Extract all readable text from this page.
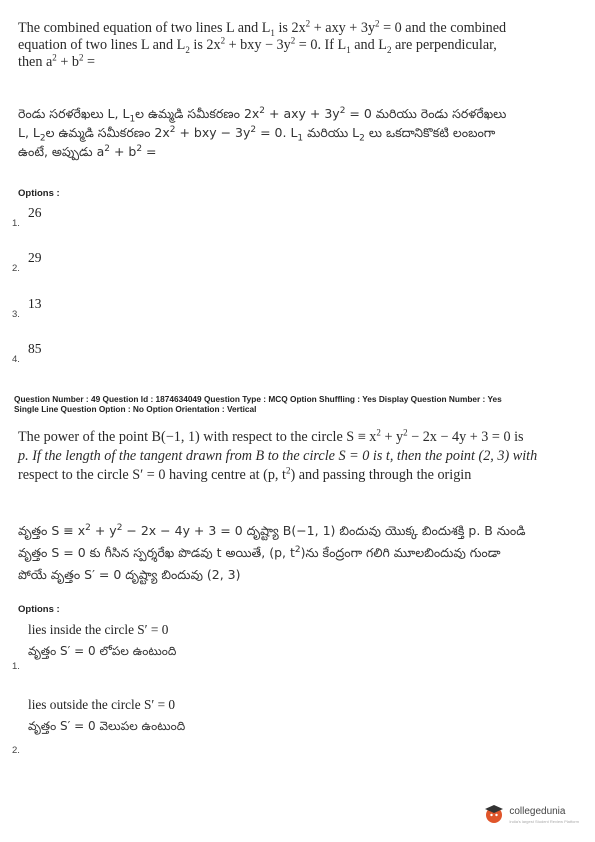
The combined equation of two lines L and $L_1$ is $2x^2$ + axy + $3y^2 = 0$ and the combined
equation of two lines L and $L_2$ is $2x^2$ + bxy − $3y^2 = 0$. If $L_1$ and $L_2$ are perpendicular,
then $a^2 + b^2$ =
రెండు సరళరేఖలు L, $L_1ల$ ఉమ్మడి సమీకరణం $2x^2$ + axy + $3y^2 = 0$ మరియు రెండు సరళరేఖలు
L, $L_2ల$ ఉమ్మడి సమీకరణం $2x^2$ + bxy − $3y^2 = 0$. $L_1$ మరియు $L_2$ లు ఒకదానికొకటి లంబంగా
ఉంటే, అప్పుడు $a^2 + b^2$ =
Options :
1.
26
2.
29
3.
13
4.
85
Question Number : 49 Question Id : 1874634049 Question Type : MCQ Option Shuffling : Yes Display Question Number : Yes
Single Line Question Option : No Option Orientation : Vertical
The power of the point B(−1, 1) with respect to the circle $S \equiv x^2 + y^2 - 2x - 4y + 3 = 0$ is
p. If the length of the tangent drawn from B to the circle S = 0 is t, then the point (2, 3) with
respect to the circle S′ = 0 having centre at (p, $t^2$) and passing through the origin
వృత్తం $S \equiv x^2 + y^2 - 2x - 4y + 3 = 0$ దృష్ట్యా B(−1, 1) బిందువు యొక్క బిందుశక్తి p. B నుండి
వృత్తం S = 0 కు గీసిన స్పర్శరేఖ పొడవు t అయితే, (p, $t^2)ను$ కేంద్రంగా గలిగి మూలబిందువు గుండా
పోయే వృత్తం S′ = 0 దృష్ట్యా బిందువు (2, 3)
Options :
lies inside the circle S′ = 0
వృత్తం S′ = 0 లోపల ఉంటుంది
1.
lies outside the circle S′ = 0
వృత్తం S′ = 0 వెలుపల ఉంటుంది
2.
collegedunia
India's largest Student Review Platform
